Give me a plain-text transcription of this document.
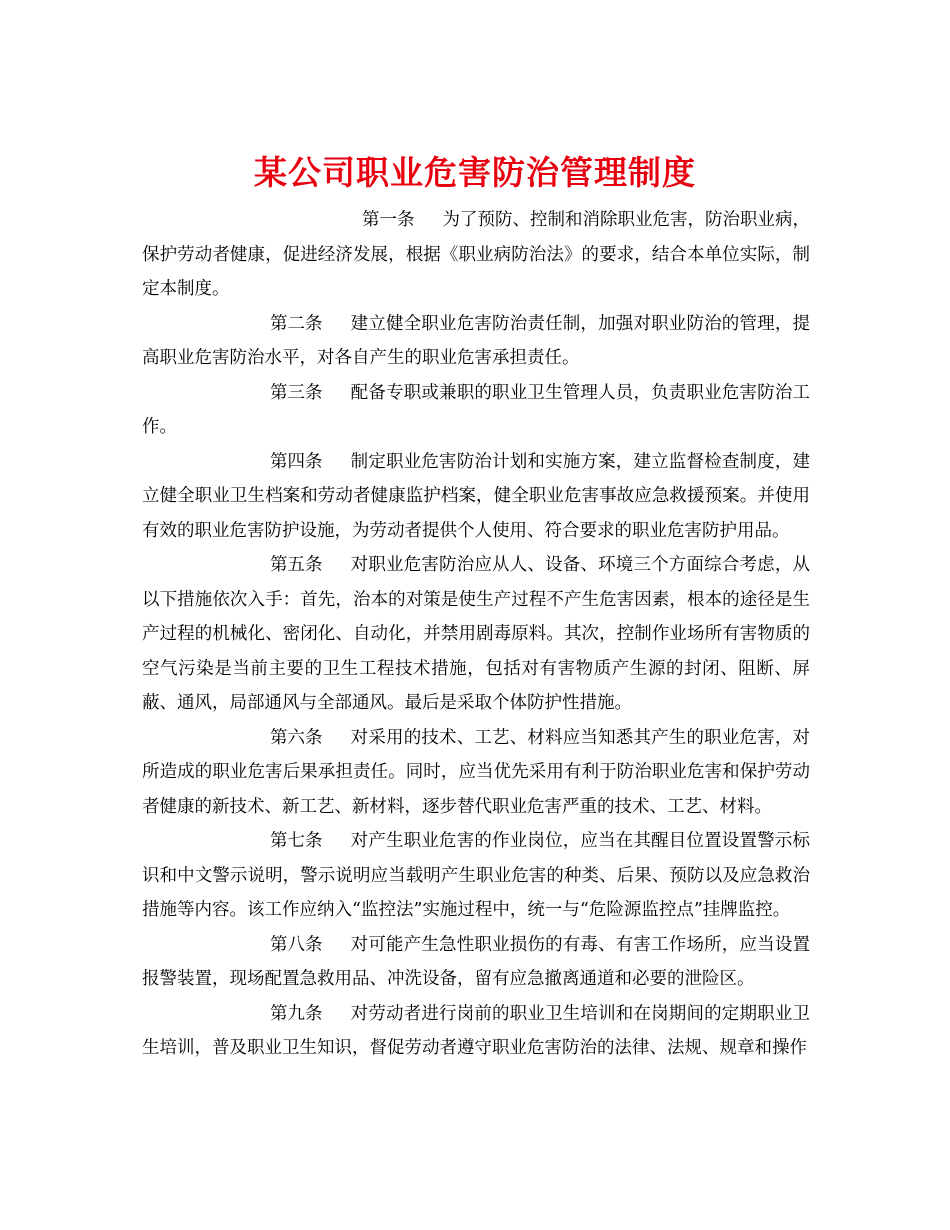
某公司职业危害防治管理制度

第一条 为了预防、控制和消除职业危害，防治职业病，保护劳动者健康，促进经济发展，根据《职业病防治法》的要求，结合本单位实际，制定本制度。

第二条 建立健全职业危害防治责任制，加强对职业防治的管理，提高职业危害防治水平，对各自产生的职业危害承担责任。

第三条 配备专职或兼职的职业卫生管理人员，负责职业危害防治工作。

第四条 制定职业危害防治计划和实施方案，建立监督检查制度，建立健全职业卫生档案和劳动者健康监护档案，健全职业危害事故应急救援预案。并使用有效的职业危害防护设施，为劳动者提供个人使用、符合要求的职业危害防护用品。

第五条 对职业危害防治应从人、设备、环境三个方面综合考虑，从以下措施依次入手：首先，治本的对策是使生产过程不产生危害因素，根本的途径是生产过程的机械化、密闭化、自动化，并禁用剧毒原料。其次，控制作业场所有害物质的空气污染是当前主要的卫生工程技术措施，包括对有害物质产生源的封闭、阻断、屏蔽、通风，局部通风与全部通风。最后是采取个体防护性措施。

第六条 对采用的技术、工艺、材料应当知悉其产生的职业危害，对所造成的职业危害后果承担责任。同时，应当优先采用有利于防治职业危害和保护劳动者健康的新技术、新工艺、新材料，逐步替代职业危害严重的技术、工艺、材料。

第七条 对产生职业危害的作业岗位，应当在其醒目位置设置警示标识和中文警示说明，警示说明应当载明产生职业危害的种类、后果、预防以及应急救治措施等内容。该工作应纳入“监控法”实施过程中，统一与“危险源监控点”挂牌监控。

第八条 对可能产生急性职业损伤的有毒、有害工作场所，应当设置报警装置，现场配置急救用品、冲洗设备，留有应急撤离通道和必要的泄险区。

第九条 对劳动者进行岗前的职业卫生培训和在岗期间的定期职业卫生培训，普及职业卫生知识，督促劳动者遵守职业危害防治的法律、法规、规章和操作
